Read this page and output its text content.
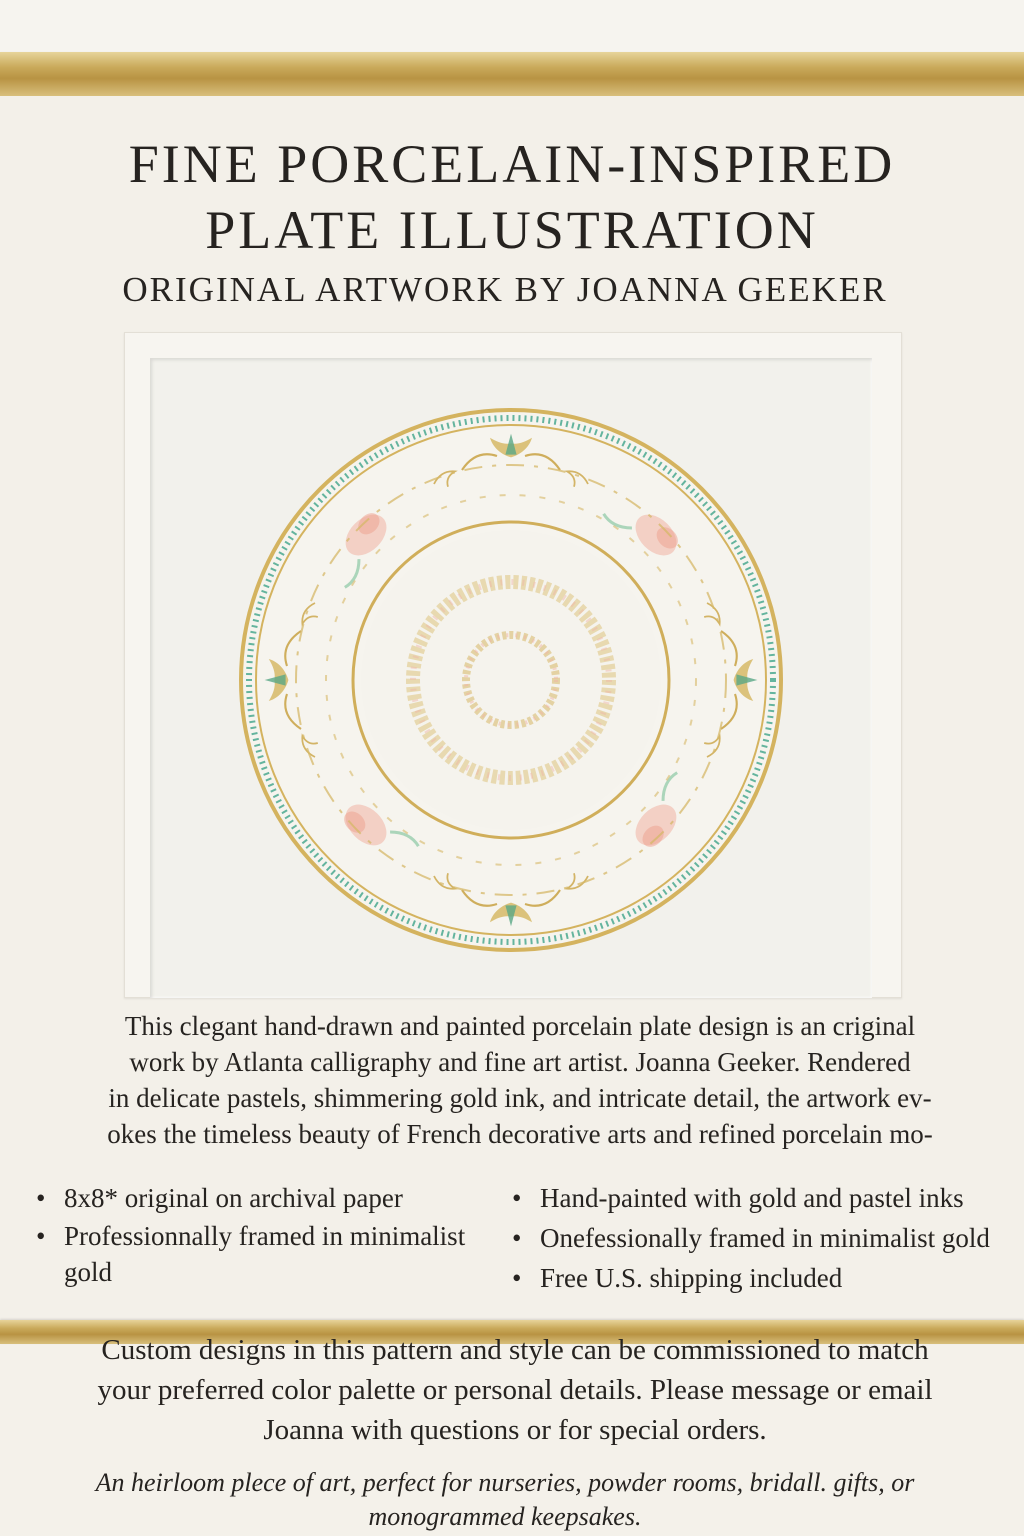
FINE PORCELAIN-INSPIRED
PLATE ILLUSTRATION
ORIGINAL ARTWORK BY JOANNA GEEKER
This clegant hand-drawn and painted porcelain plate design is an criginal
work by Atlanta calligraphy and fine art artist. Joanna Geeker. Rendered
in delicate pastels, shimmering gold ink, and intricate detail, the artwork ev-
okes the timeless beauty of French decorative arts and refined porcelain mo-
• 8x8* original on archival paper
• Professionnally framed in minimalist gold
• Hand-painted with gold and pastel inks
• Onefessionally framed in minimalist gold
• Free U.S. shipping included
Custom designs in this pattern and style can be commissioned to match
your preferred color palette or personal details. Please message or email
Joanna with questions or for special orders.
An heirloom plece of art, perfect for nurseries, powder rooms, bridall. gifts, or
monogrammed keepsakes.
